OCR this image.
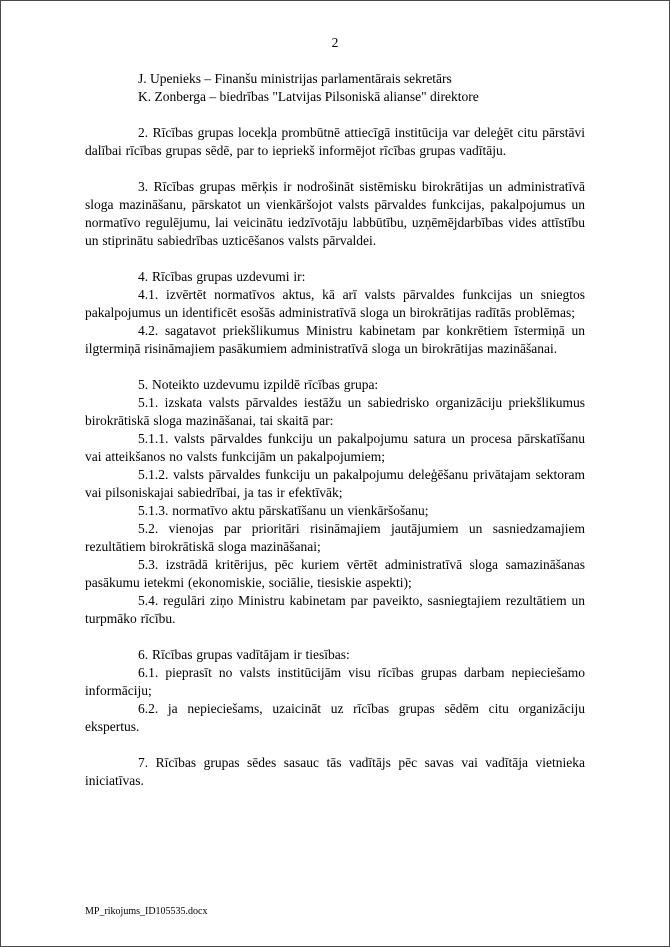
2
J. Upenieks – Finanšu ministrijas parlamentārais sekretārs
K. Zonberga – biedrības "Latvijas Pilsoniskā alianse" direktore

2. Rīcības grupas locekļa prombūtnē attiecīgā institūcija var deleģēt citu pārstāvi dalībai rīcības grupas sēdē, par to iepriekš informējot rīcības grupas vadītāju.

3. Rīcības grupas mērķis ir nodrošināt sistēmisku birokrātijas un administratīvā sloga mazināšanu, pārskatot un vienkāršojot valsts pārvaldes funkcijas, pakalpojumus un normatīvo regulējumu, lai veicinātu iedzīvotāju labbūtību, uzņēmējdarbības vides attīstību un stiprinātu sabiedrības uzticēšanos valsts pārvaldei.

4. Rīcības grupas uzdevumi ir:

4.1. izvērtēt normatīvos aktus, kā arī valsts pārvaldes funkcijas un sniegtos pakalpojumus un identificēt esošās administratīvā sloga un birokrātijas radītās problēmas;

4.2. sagatavot priekšlikumus Ministru kabinetam par konkrētiem īstermiņā un ilgtermiņā risināmajiem pasākumiem administratīvā sloga un birokrātijas mazināšanai.

5. Noteikto uzdevumu izpildē rīcības grupa:

5.1. izskata valsts pārvaldes iestāžu un sabiedrisko organizāciju priekšlikumus birokrātiskā sloga mazināšanai, tai skaitā par:

5.1.1. valsts pārvaldes funkciju un pakalpojumu satura un procesa pārskatīšanu vai atteikšanos no valsts funkcijām un pakalpojumiem;

5.1.2. valsts pārvaldes funkciju un pakalpojumu deleģēšanu privātajam sektoram vai pilsoniskajai sabiedrībai, ja tas ir efektīvāk;

5.1.3. normatīvo aktu pārskatīšanu un vienkāršošanu;

5.2. vienojas par prioritāri risināmajiem jautājumiem un sasniedzamajiem rezultātiem birokrātiskā sloga mazināšanai;

5.3. izstrādā kritērijus, pēc kuriem vērtēt administratīvā sloga samazināšanas pasākumu ietekmi (ekonomiskie, sociālie, tiesiskie aspekti);

5.4. regulāri ziņo Ministru kabinetam par paveikto, sasniegtajiem rezultātiem un turpmāko rīcību.

6. Rīcības grupas vadītājam ir tiesības:

6.1. pieprasīt no valsts institūcijām visu rīcības grupas darbam nepieciešamo informāciju;

6.2. ja nepieciešams, uzaicināt uz rīcības grupas sēdēm citu organizāciju ekspertus.

7. Rīcības grupas sēdes sasauc tās vadītājs pēc savas vai vadītāja vietnieka iniciatīvas.

MP_rikojums_ID105535.docx
